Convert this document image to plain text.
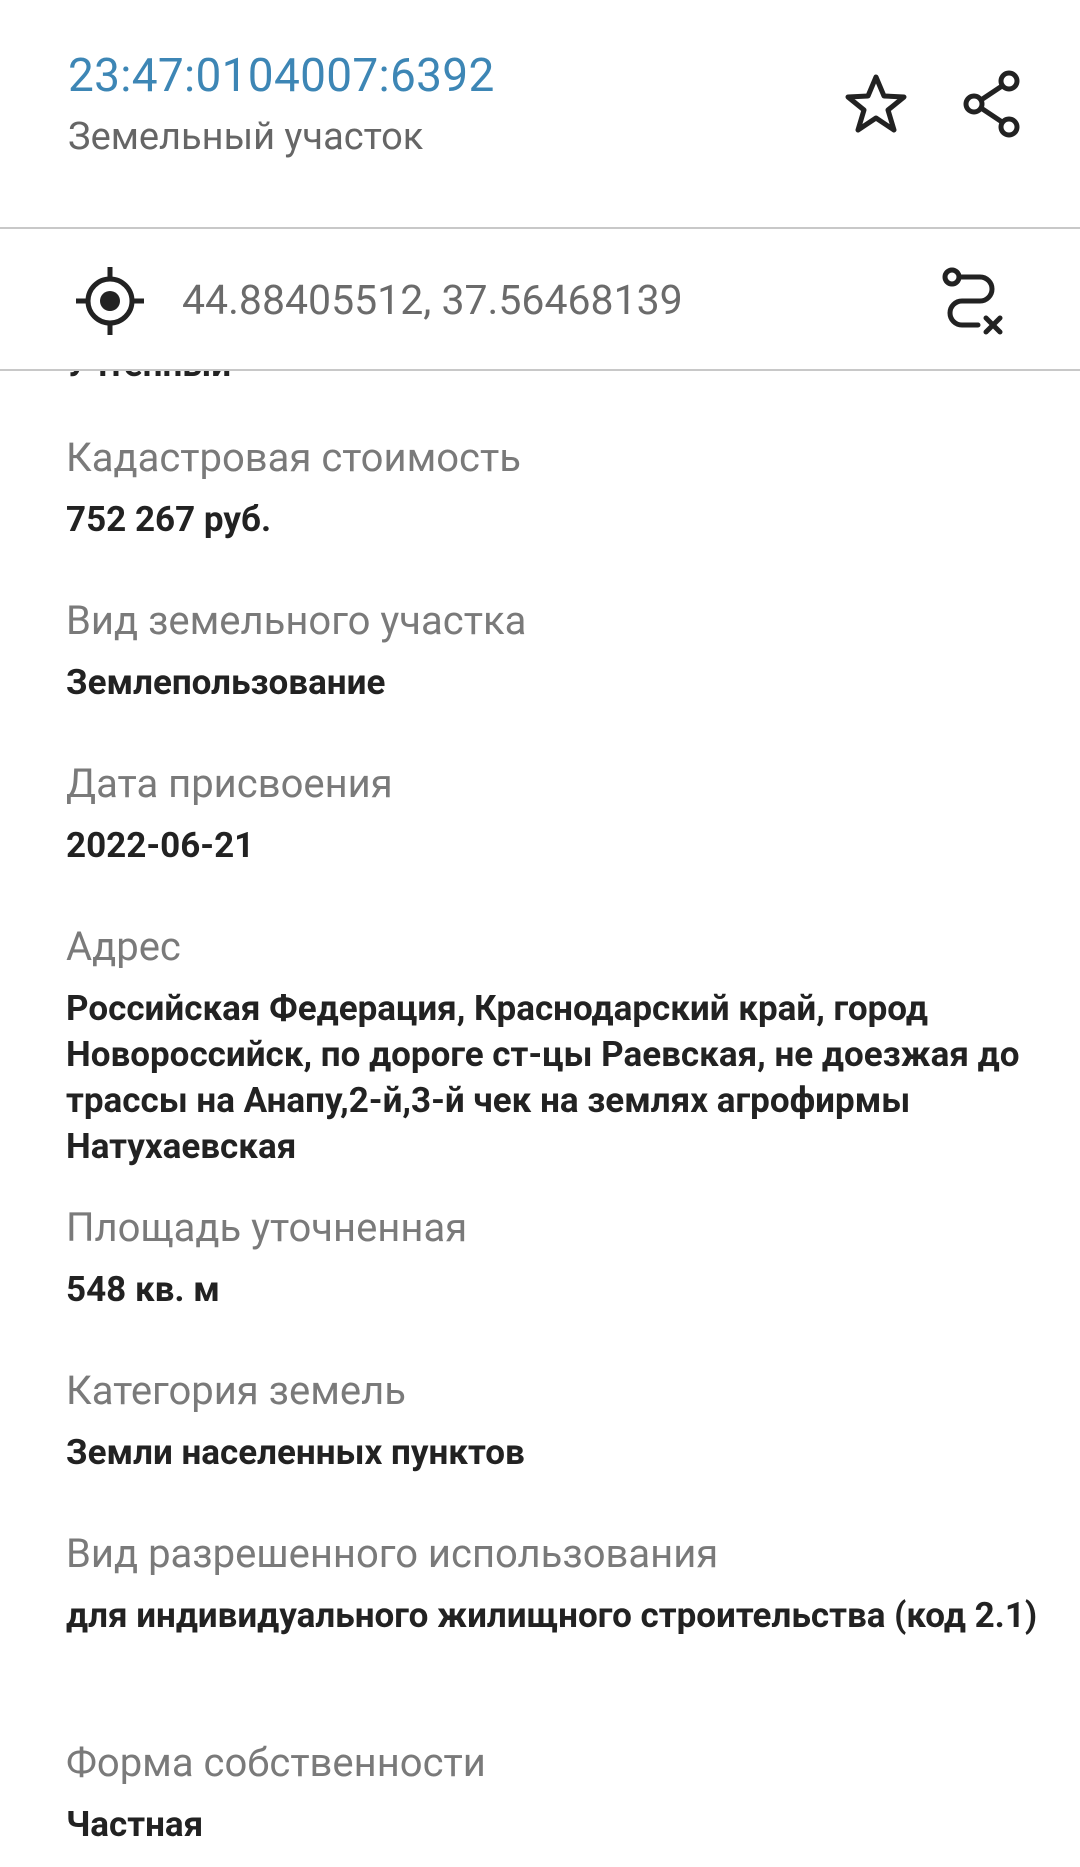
23:47:0104007:6392
Земельный участок
44.88405512, 37.56468139
Кадастровая стоимость
752 267 руб.
Вид земельного участка
Землепользование
Дата присвоения
2022-06-21
Адрес
Российская Федерация, Краснодарский край, город Новороссийск, по дороге ст-цы Раевская, не доезжая до трассы на Анапу,2-й,3-й чек на землях агрофирмы Натухаевская
Площадь уточненная
548 кв. м
Категория земель
Земли населенных пунктов
Вид разрешенного использования
для индивидуального жилищного строительства (код 2.1)
Форма собственности
Частная
